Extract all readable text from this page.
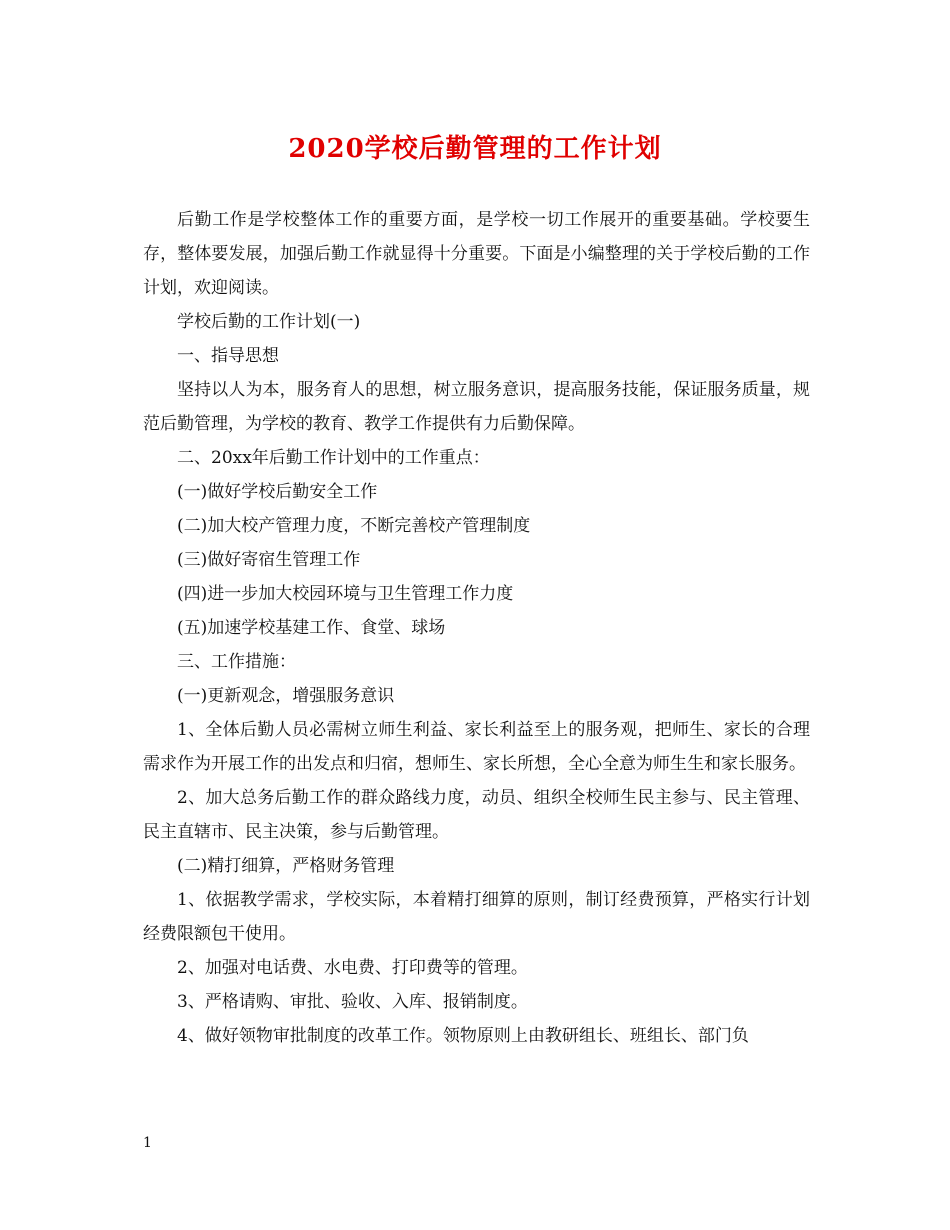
2020学校后勤管理的工作计划

后勤工作是学校整体工作的重要方面，是学校一切工作展开的重要基础。学校要生存，整体要发展，加强后勤工作就显得十分重要。下面是小编整理的关于学校后勤的工作计划，欢迎阅读。

学校后勤的工作计划(一)

一、指导思想

坚持以人为本，服务育人的思想，树立服务意识，提高服务技能，保证服务质量，规范后勤管理，为学校的教育、教学工作提供有力后勤保障。

二、20xx年后勤工作计划中的工作重点：

(一)做好学校后勤安全工作

(二)加大校产管理力度，不断完善校产管理制度

(三)做好寄宿生管理工作

(四)进一步加大校园环境与卫生管理工作力度

(五)加速学校基建工作、食堂、球场

三、工作措施：

(一)更新观念，增强服务意识

1、全体后勤人员必需树立师生利益、家长利益至上的服务观，把师生、家长的合理需求作为开展工作的出发点和归宿，想师生、家长所想，全心全意为师生生和家长服务。

2、加大总务后勤工作的群众路线力度，动员、组织全校师生民主参与、民主管理、民主直辖市、民主决策，参与后勤管理。

(二)精打细算，严格财务管理

1、依据教学需求，学校实际，本着精打细算的原则，制订经费预算，严格实行计划经费限额包干使用。

2、加强对电话费、水电费、打印费等的管理。

3、严格请购、审批、验收、入库、报销制度。

4、做好领物审批制度的改革工作。领物原则上由教研组长、班组长、部门负

1
